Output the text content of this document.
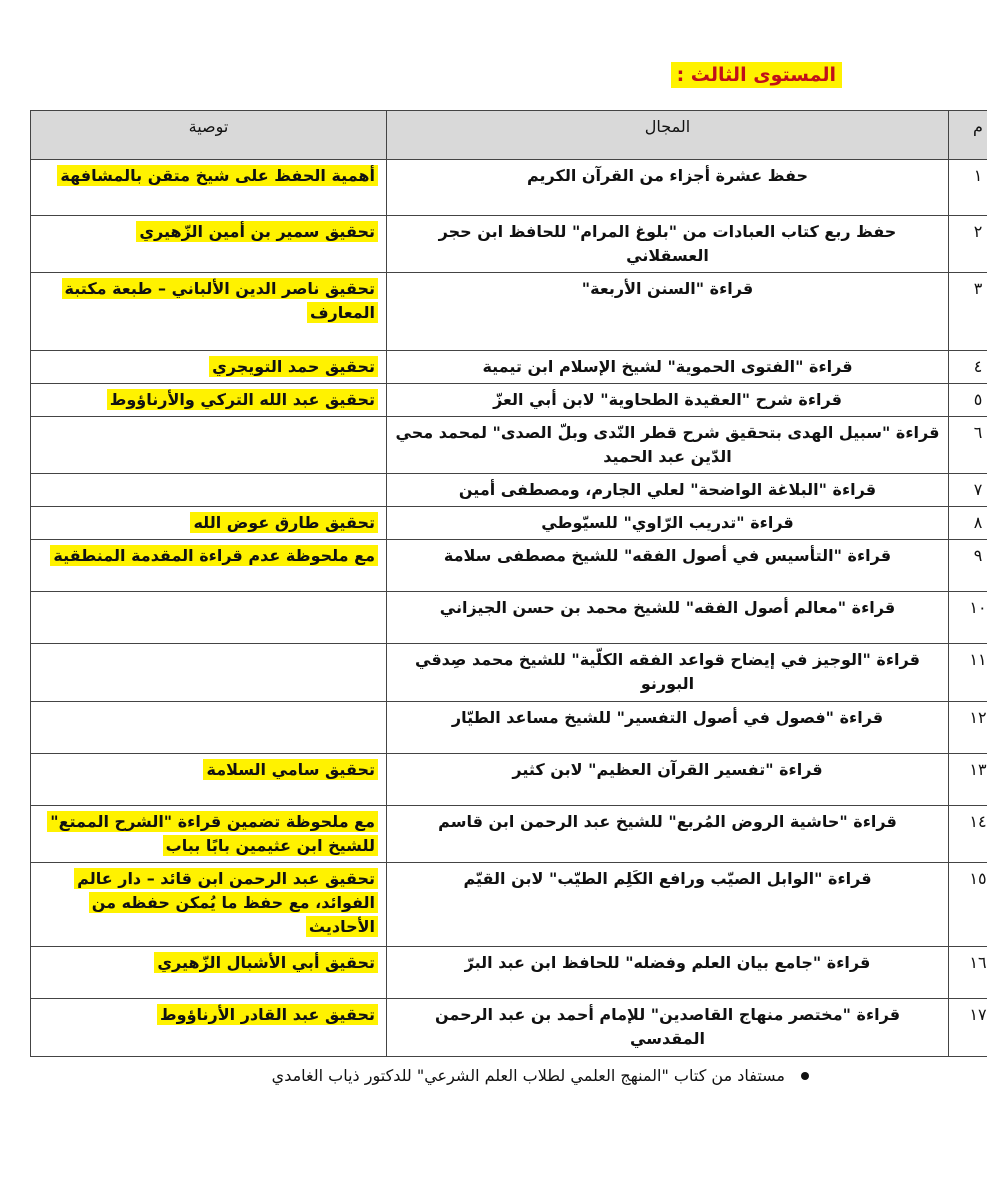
المستوى الثالث :
م	المجال	توصية
١	حفظ عشرة أجزاء من القرآن الكريم	أهمية الحفظ على شيخ متقن بالمشافهة
٢	حفظ ربع كتاب العبادات من "بلوغ المرام" للحافظ ابن حجر العسقلاني	تحقيق سمير بن أمين الزّهيري
٣	قراءة "السنن الأربعة"	تحقيق ناصر الدين الألباني – طبعة مكتبة المعارف
٤	قراءة "الفتوى الحموية" لشيخ الإسلام ابن تيمية	تحقيق حمد التويجري
٥	قراءة شرح "العقيدة الطحاوية" لابن أبي العزّ	تحقيق عبد الله التركي والأرناؤوط
٦	قراءة "سبيل الهدى بتحقيق شرح قطر النّدى وبلّ الصدى" لمحمد محي الدّين عبد الحميد	
٧	قراءة "البلاغة الواضحة" لعلي الجارم، ومصطفى أمين	
٨	قراءة "تدريب الرّاوي" للسيّوطي	تحقيق طارق عوض الله
٩	قراءة "التأسيس في أصول الفقه" للشيخ مصطفى سلامة	مع ملحوظة عدم قراءة المقدمة المنطقية
١٠	قراءة "معالم أصول الفقه" للشيخ محمد بن حسن الجيزاني	
١١	قراءة "الوجيز في إيضاح قواعد الفقه الكلّية" للشيخ محمد صِدقي البورنو	
١٢	قراءة "فصول في أصول التفسير" للشيخ مساعد الطيّار	
١٣	قراءة "تفسير القرآن العظيم" لابن كثير	تحقيق سامي السلامة
١٤	قراءة "حاشية الروض المُربع" للشيخ عبد الرحمن ابن قاسم	مع ملحوظة تضمين قراءة "الشرح الممتع" للشيخ ابن عثيمين بابًا بباب
١٥	قراءة "الوابل الصيّب ورافع الكَلِم الطيّب" لابن القيّم	تحقيق عبد الرحمن ابن قائد – دار عالم الفوائد، مع حفظ ما يُمكن حفظه من الأحاديث
١٦	قراءة "جامع بيان العلم وفضله" للحافظ ابن عبد البرّ	تحقيق أبي الأشبال الزّهيري
١٧	قراءة "مختصر منهاج القاصدين" للإمام أحمد بن عبد الرحمن المقدسي	تحقيق عبد القادر الأرناؤوط
مستفاد من كتاب "المنهج العلمي لطلاب العلم الشرعي" للدكتور ذياب الغامدي
